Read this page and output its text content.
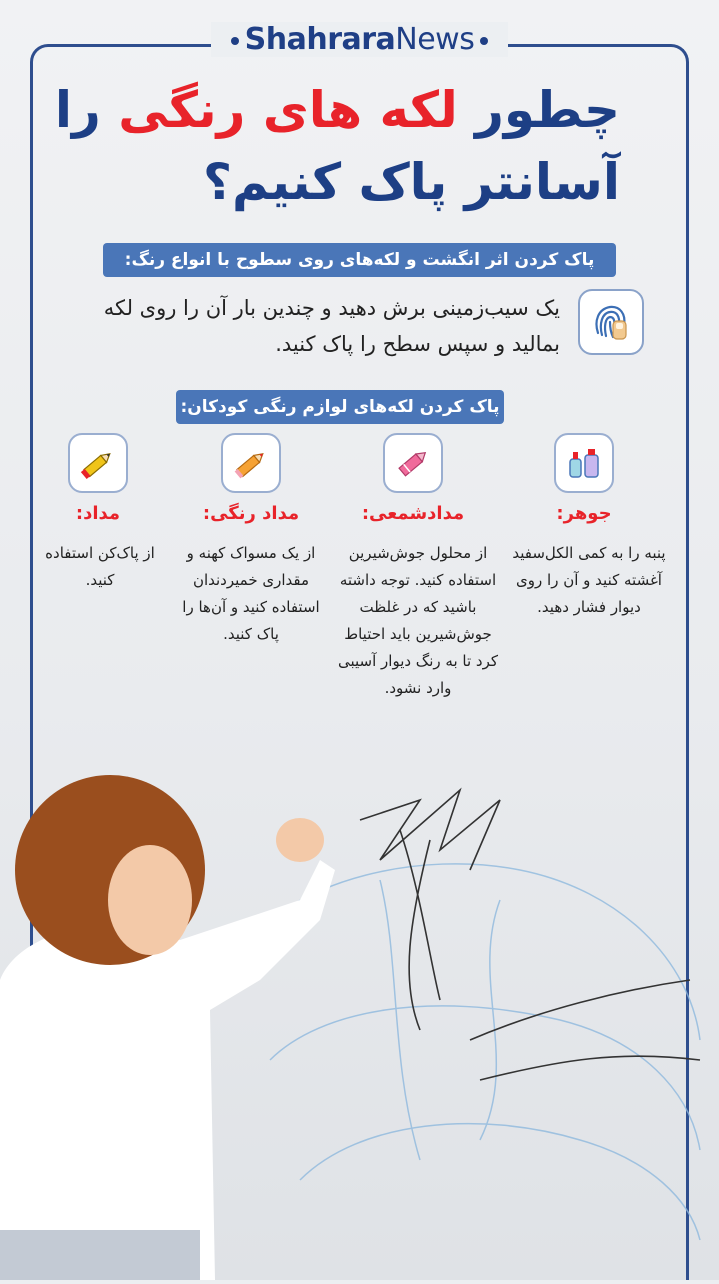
ShahraraNews
چطور لکه های رنگی را
آسانتر پاک کنیم؟
پاک کردن اثر انگشت و لکه‌های روی سطوح با انواع رنگ:
یک سیب‌زمینی برش دهید و چندین بار آن را روی لکه بمالید و سپس سطح را پاک کنید.
پاک کردن لکه‌های لوازم رنگی کودکان:
جوهر:
پنبه را به کمی الکل‌سفید آغشته کنید و آن را روی دیوار فشار دهید.
مدادشمعی:
از محلول جوش‌شیرین استفاده کنید. توجه داشته باشید که در غلظت جوش‌شیرین باید احتیاط کرد تا به رنگ دیوار آسیبی وارد نشود.
مداد رنگی:
از یک مسواک کهنه و مقداری خمیردندان استفاده کنید و آن‌ها را پاک کنید.
مداد:
از پاک‌کن استفاده کنید.
